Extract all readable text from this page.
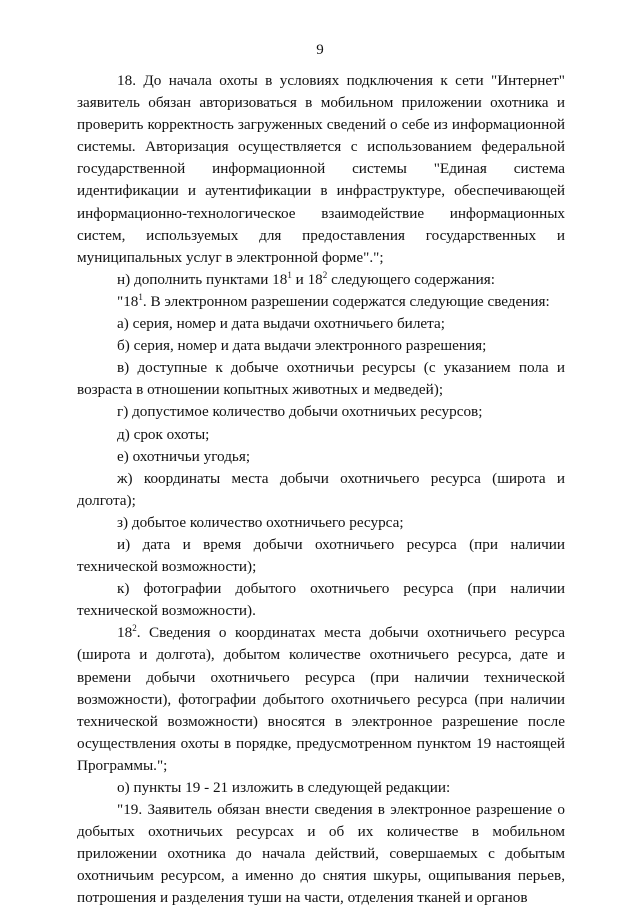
9

18. До начала охоты в условиях подключения к сети "Интернет" заявитель обязан авторизоваться в мобильном приложении охотника и проверить корректность загруженных сведений о себе из информационной системы. Авторизация осуществляется с использованием федеральной государственной информационной системы "Единая система идентификации и аутентификации в инфраструктуре, обеспечивающей информационно-технологическое взаимодействие информационных систем, используемых для предоставления государственных и муниципальных услуг в электронной форме".";

н) дополнить пунктами $18^1$ и $18^2$ следующего содержания:

"$18^1$. В электронном разрешении содержатся следующие сведения:

а) серия, номер и дата выдачи охотничьего билета;

б) серия, номер и дата выдачи электронного разрешения;

в) доступные к добыче охотничьи ресурсы (с указанием пола и возраста в отношении копытных животных и медведей);

г) допустимое количество добычи охотничьих ресурсов;

д) срок охоты;

е) охотничьи угодья;

ж) координаты места добычи охотничьего ресурса (широта и долгота);

з) добытое количество охотничьего ресурса;

и) дата и время добычи охотничьего ресурса (при наличии технической возможности);

к) фотографии добытого охотничьего ресурса (при наличии технической возможности).

$18^2$. Сведения о координатах места добычи охотничьего ресурса (широта и долгота), добытом количестве охотничьего ресурса, дате и времени добычи охотничьего ресурса (при наличии технической возможности), фотографии добытого охотничьего ресурса (при наличии технической возможности) вносятся в электронное разрешение после осуществления охоты в порядке, предусмотренном пунктом 19 настоящей Программы.";

о) пункты 19 - 21 изложить в следующей редакции:

"19. Заявитель обязан внести сведения в электронное разрешение о добытых охотничьих ресурсах и об их количестве в мобильном приложении охотника до начала действий, совершаемых с добытым охотничьим ресурсом, а именно до снятия шкуры, ощипывания перьев, потрошения и разделения туши на части, отделения тканей и органов
